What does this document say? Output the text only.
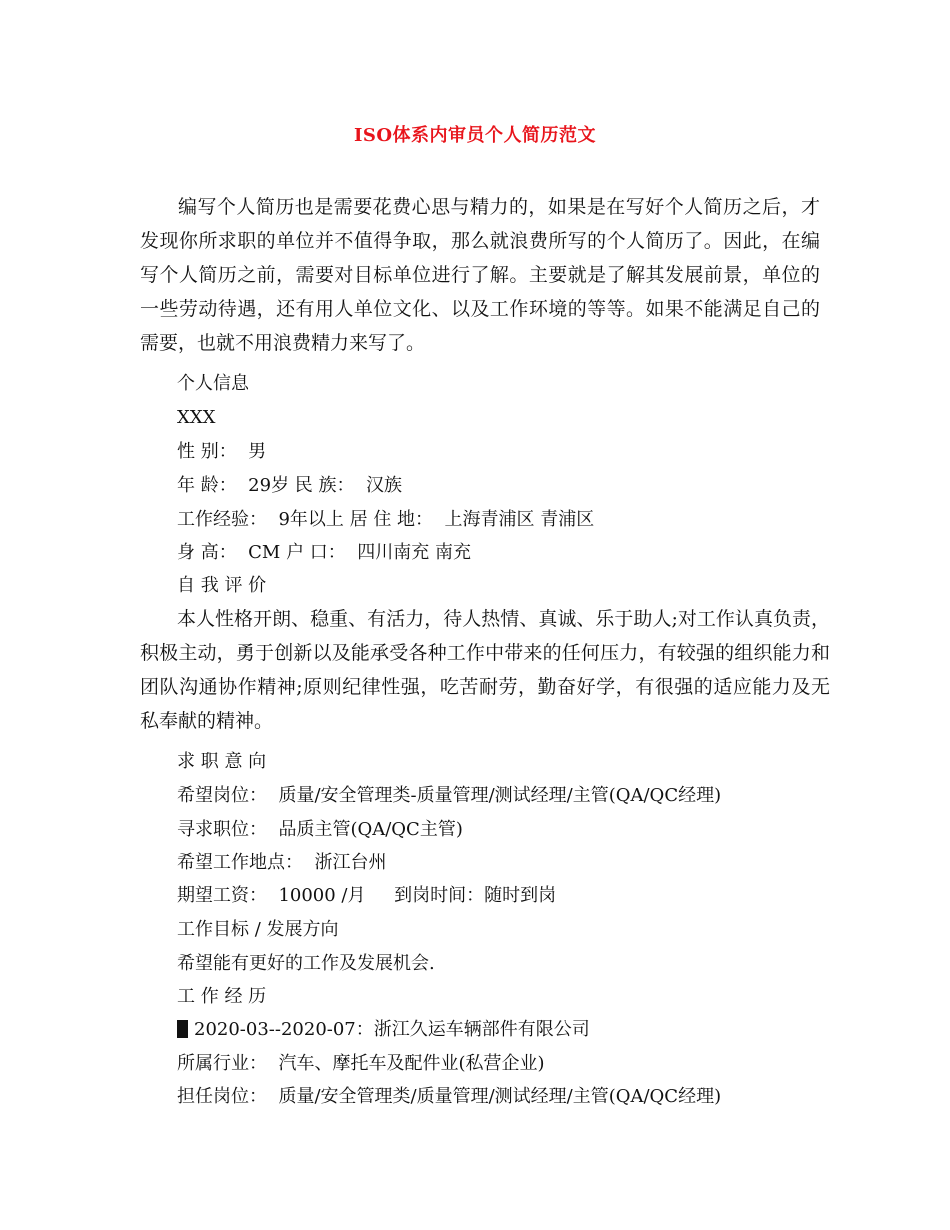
ISO体系内审员个人简历范文

编写个人简历也是需要花费心思与精力的，如果是在写好个人简历之后，才发现你所求职的单位并不值得争取，那么就浪费所写的个人简历了。因此，在编写个人简历之前，需要对目标单位进行了解。主要就是了解其发展前景，单位的一些劳动待遇，还有用人单位文化、以及工作环境的等等。如果不能满足自己的需要，也就不用浪费精力来写了。

个人信息
XXX
性 别：  男
年 龄：  29岁 民 族：  汉族
工作经验：  9年以上 居 住 地：  上海青浦区 青浦区
身 高：  CM 户 口：  四川南充 南充
自 我 评 价

本人性格开朗、稳重、有活力，待人热情、真诚、乐于助人;对工作认真负责，积极主动，勇于创新以及能承受各种工作中带来的任何压力，有较强的组织能力和团队沟通协作精神;原则纪律性强，吃苦耐劳，勤奋好学，有很强的适应能力及无私奉献的精神。

求 职 意 向
希望岗位：  质量/安全管理类-质量管理/测试经理/主管(QA/QC经理)
寻求职位：  品质主管(QA/QC主管)
希望工作地点：  浙江台州
期望工资：  10000 /月     到岗时间：随时到岗
工作目标 / 发展方向
希望能有更好的工作及发展机会.
工 作 经 历
2020-03--2020-07：浙江久运车辆部件有限公司
所属行业：  汽车、摩托车及配件业(私营企业)
担任岗位：  质量/安全管理类/质量管理/测试经理/主管(QA/QC经理)
